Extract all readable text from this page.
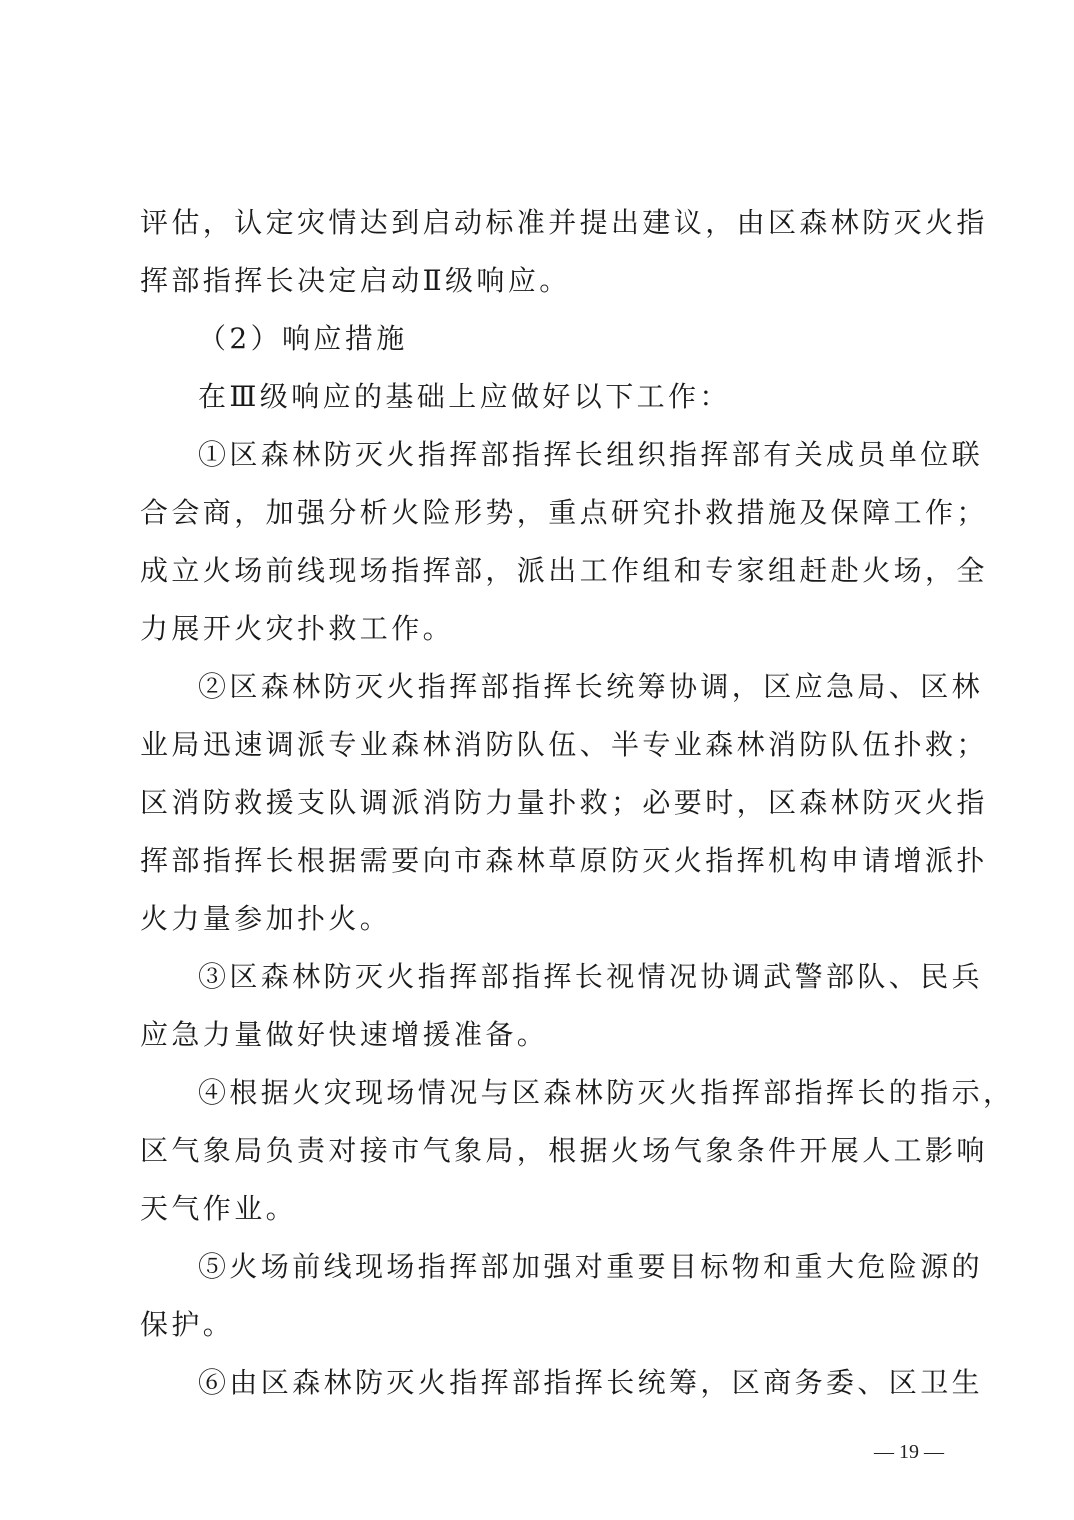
评估，认定灾情达到启动标准并提出建议，由区森林防灭火指
挥部指挥长决定启动Ⅱ级响应。

（2）响应措施

在Ⅲ级响应的基础上应做好以下工作：

①区森林防灭火指挥部指挥长组织指挥部有关成员单位联
合会商，加强分析火险形势，重点研究扑救措施及保障工作；
成立火场前线现场指挥部，派出工作组和专家组赶赴火场，全
力展开火灾扑救工作。

②区森林防灭火指挥部指挥长统筹协调，区应急局、区林
业局迅速调派专业森林消防队伍、半专业森林消防队伍扑救；
区消防救援支队调派消防力量扑救；必要时，区森林防灭火指
挥部指挥长根据需要向市森林草原防灭火指挥机构申请增派扑
火力量参加扑火。

③区森林防灭火指挥部指挥长视情况协调武警部队、民兵
应急力量做好快速增援准备。

④根据火灾现场情况与区森林防灭火指挥部指挥长的指示，
区气象局负责对接市气象局，根据火场气象条件开展人工影响
天气作业。

⑤火场前线现场指挥部加强对重要目标物和重大危险源的
保护。

⑥由区森林防灭火指挥部指挥长统筹，区商务委、区卫生

— 19 —
